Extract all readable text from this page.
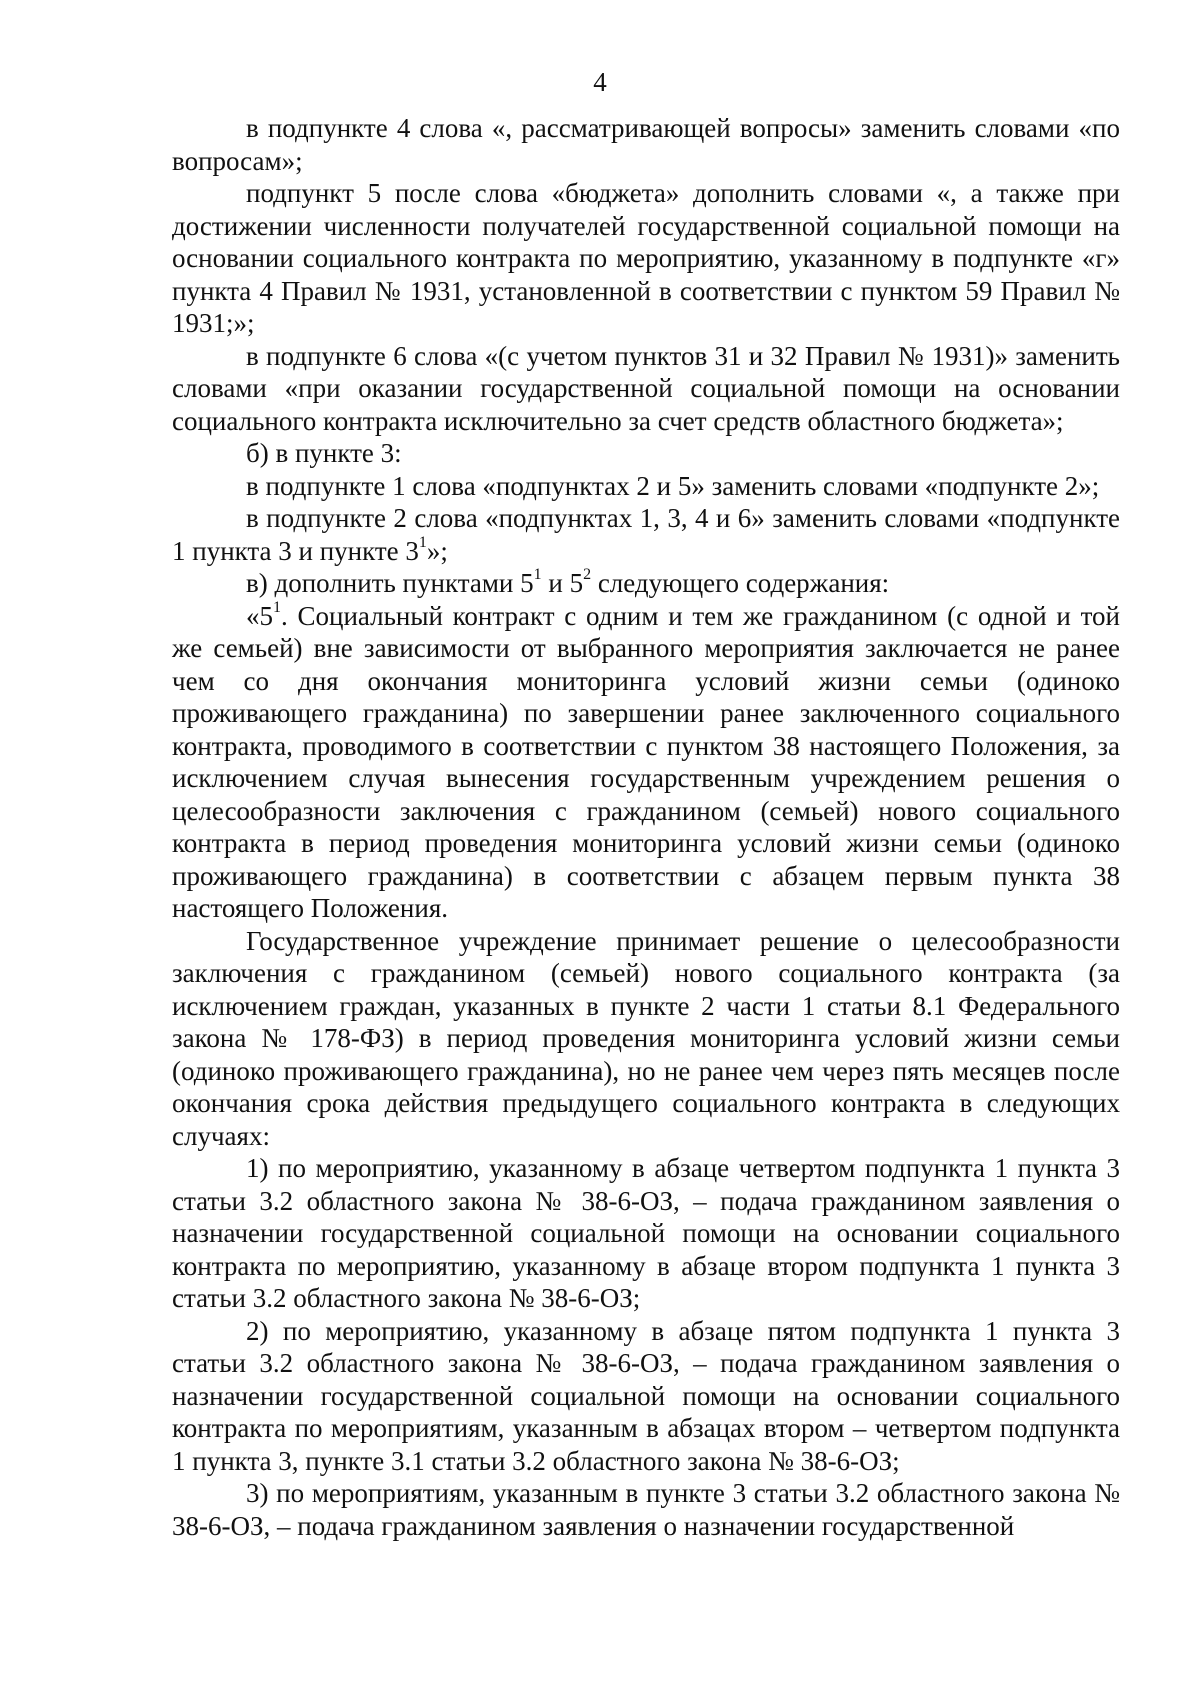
4

в подпункте 4 слова «, рассматривающей вопросы» заменить словами «по вопросам»;

подпункт 5 после слова «бюджета» дополнить словами «, а также при достижении численности получателей государственной социальной помощи на основании социального контракта по мероприятию, указанному в подпункте «г» пункта 4 Правил № 1931, установленной в соответствии с пунктом 59 Правил № 1931;»;

в подпункте 6 слова «(с учетом пунктов 31 и 32 Правил № 1931)» заменить словами «при оказании государственной социальной помощи на основании социального контракта исключительно за счет средств областного бюджета»;

б) в пункте 3:

в подпункте 1 слова «подпунктах 2 и 5» заменить словами «подпункте 2»;

в подпункте 2 слова «подпунктах 1, 3, 4 и 6» заменить словами «подпункте 1 пункта 3 и пункте $3^1$»;

в) дополнить пунктами $5^1$ и $5^2$ следующего содержания:

«$5^1$. Социальный контракт с одним и тем же гражданином (с одной и той же семьей) вне зависимости от выбранного мероприятия заключается не ранее чем со дня окончания мониторинга условий жизни семьи (одиноко проживающего гражданина) по завершении ранее заключенного социального контракта, проводимого в соответствии с пунктом 38 настоящего Положения, за исключением случая вынесения государственным учреждением решения о целесообразности заключения с гражданином (семьей) нового социального контракта в период проведения мониторинга условий жизни семьи (одиноко проживающего гражданина) в соответствии с абзацем первым пункта 38 настоящего Положения.

Государственное учреждение принимает решение о целесообразности заключения с гражданином (семьей) нового социального контракта (за исключением граждан, указанных в пункте 2 части 1 статьи 8.1 Федерального закона № 178-ФЗ) в период проведения мониторинга условий жизни семьи (одиноко проживающего гражданина), но не ранее чем через пять месяцев после окончания срока действия предыдущего социального контракта в следующих случаях:

1) по мероприятию, указанному в абзаце четвертом подпункта 1 пункта 3 статьи 3.2 областного закона № 38-6-ОЗ, – подача гражданином заявления о назначении государственной социальной помощи на основании социального контракта по мероприятию, указанному в абзаце втором подпункта 1 пункта 3 статьи 3.2 областного закона № 38-6-ОЗ;

2) по мероприятию, указанному в абзаце пятом подпункта 1 пункта 3 статьи 3.2 областного закона № 38-6-ОЗ, – подача гражданином заявления о назначении государственной социальной помощи на основании социального контракта по мероприятиям, указанным в абзацах втором – четвертом подпункта 1 пункта 3, пункте 3.1 статьи 3.2 областного закона № 38-6-ОЗ;

3) по мероприятиям, указанным в пункте 3 статьи 3.2 областного закона № 38-6-ОЗ, – подача гражданином заявления о назначении государственной
